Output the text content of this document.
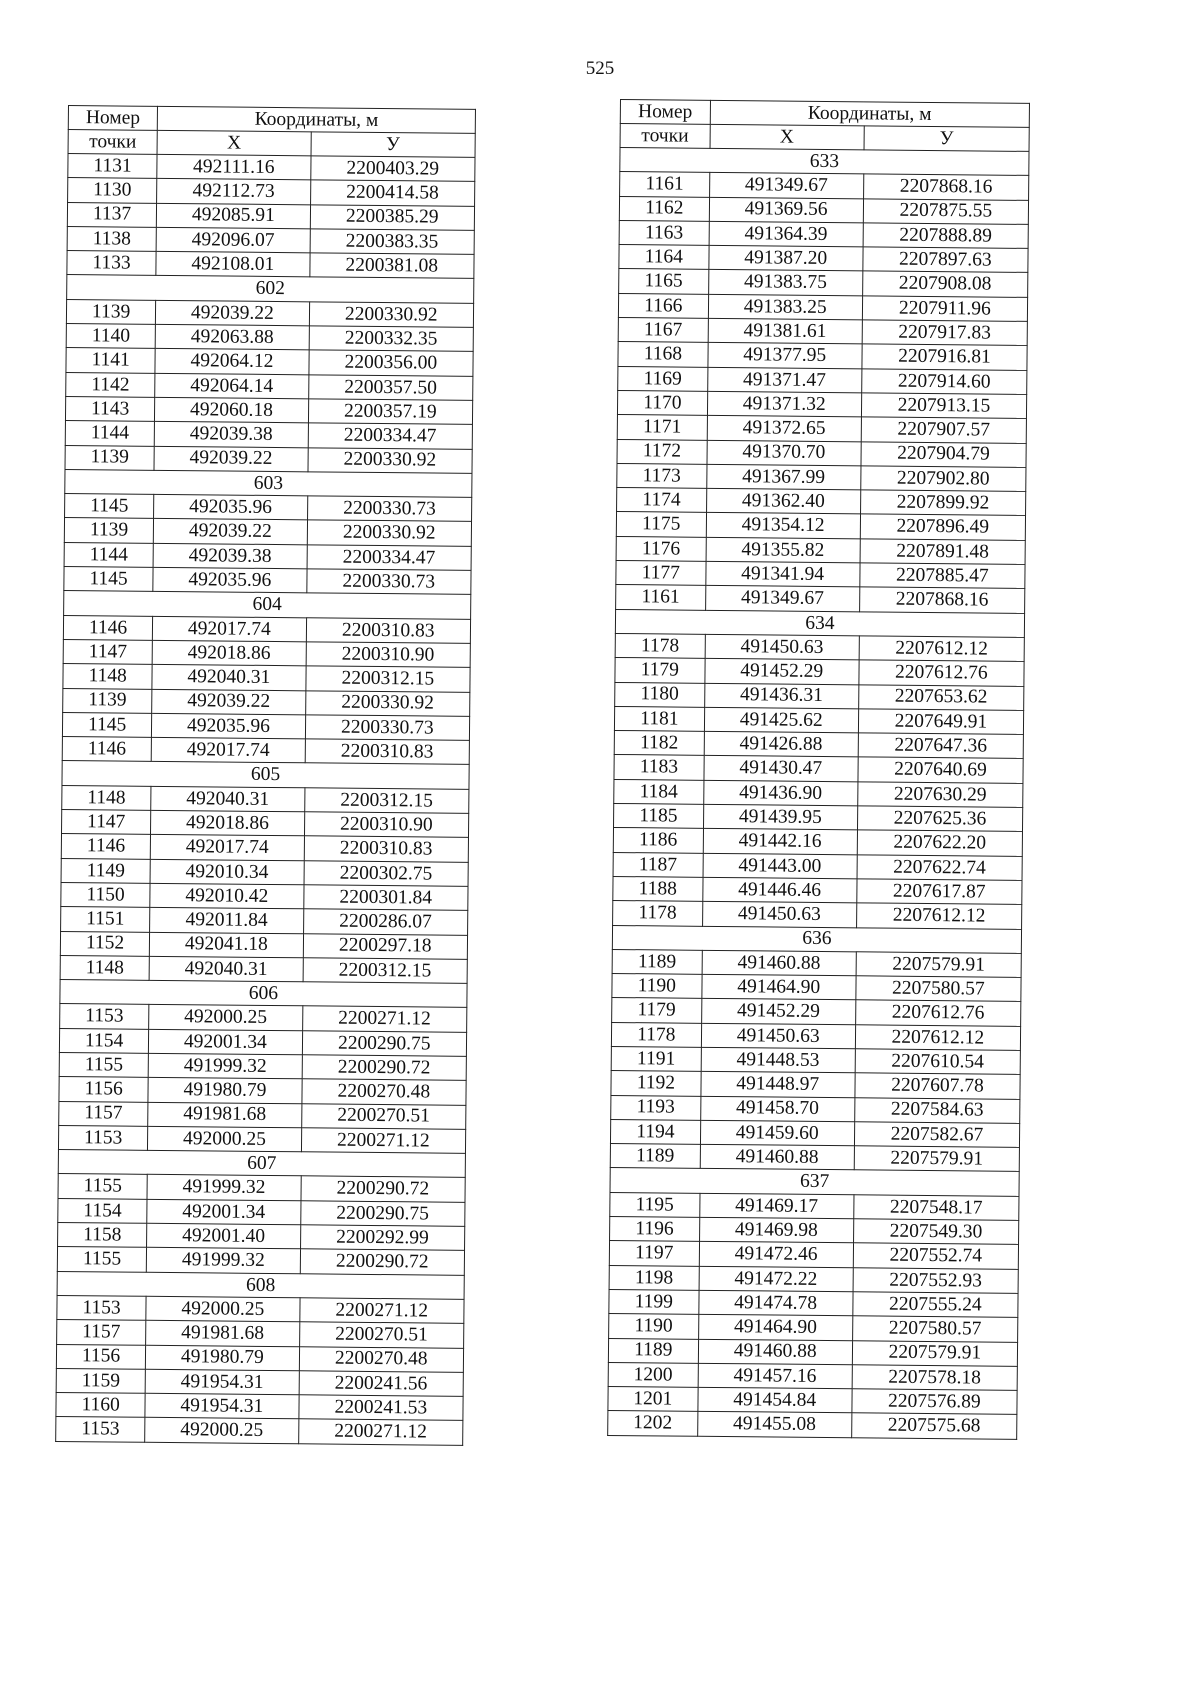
525
Номер	Координаты, м	
точки	X	У
1131	492111.16	2200403.29
1130	492112.73	2200414.58
1137	492085.91	2200385.29
1138	492096.07	2200383.35
1133	492108.01	2200381.08
602		
1139	492039.22	2200330.92
1140	492063.88	2200332.35
1141	492064.12	2200356.00
1142	492064.14	2200357.50
1143	492060.18	2200357.19
1144	492039.38	2200334.47
1139	492039.22	2200330.92
603		
1145	492035.96	2200330.73
1139	492039.22	2200330.92
1144	492039.38	2200334.47
1145	492035.96	2200330.73
604		
1146	492017.74	2200310.83
1147	492018.86	2200310.90
1148	492040.31	2200312.15
1139	492039.22	2200330.92
1145	492035.96	2200330.73
1146	492017.74	2200310.83
605		
1148	492040.31	2200312.15
1147	492018.86	2200310.90
1146	492017.74	2200310.83
1149	492010.34	2200302.75
1150	492010.42	2200301.84
1151	492011.84	2200286.07
1152	492041.18	2200297.18
1148	492040.31	2200312.15
606		
1153	492000.25	2200271.12
1154	492001.34	2200290.75
1155	491999.32	2200290.72
1156	491980.79	2200270.48
1157	491981.68	2200270.51
1153	492000.25	2200271.12
607		
1155	491999.32	2200290.72
1154	492001.34	2200290.75
1158	492001.40	2200292.99
1155	491999.32	2200290.72
608		
1153	492000.25	2200271.12
1157	491981.68	2200270.51
1156	491980.79	2200270.48
1159	491954.31	2200241.56
1160	491954.31	2200241.53
1153	492000.25	2200271.12
Номер	Координаты, м	
точки	X	У
633		
1161	491349.67	2207868.16
1162	491369.56	2207875.55
1163	491364.39	2207888.89
1164	491387.20	2207897.63
1165	491383.75	2207908.08
1166	491383.25	2207911.96
1167	491381.61	2207917.83
1168	491377.95	2207916.81
1169	491371.47	2207914.60
1170	491371.32	2207913.15
1171	491372.65	2207907.57
1172	491370.70	2207904.79
1173	491367.99	2207902.80
1174	491362.40	2207899.92
1175	491354.12	2207896.49
1176	491355.82	2207891.48
1177	491341.94	2207885.47
1161	491349.67	2207868.16
634		
1178	491450.63	2207612.12
1179	491452.29	2207612.76
1180	491436.31	2207653.62
1181	491425.62	2207649.91
1182	491426.88	2207647.36
1183	491430.47	2207640.69
1184	491436.90	2207630.29
1185	491439.95	2207625.36
1186	491442.16	2207622.20
1187	491443.00	2207622.74
1188	491446.46	2207617.87
1178	491450.63	2207612.12
636		
1189	491460.88	2207579.91
1190	491464.90	2207580.57
1179	491452.29	2207612.76
1178	491450.63	2207612.12
1191	491448.53	2207610.54
1192	491448.97	2207607.78
1193	491458.70	2207584.63
1194	491459.60	2207582.67
1189	491460.88	2207579.91
637		
1195	491469.17	2207548.17
1196	491469.98	2207549.30
1197	491472.46	2207552.74
1198	491472.22	2207552.93
1199	491474.78	2207555.24
1190	491464.90	2207580.57
1189	491460.88	2207579.91
1200	491457.16	2207578.18
1201	491454.84	2207576.89
1202	491455.08	2207575.68
